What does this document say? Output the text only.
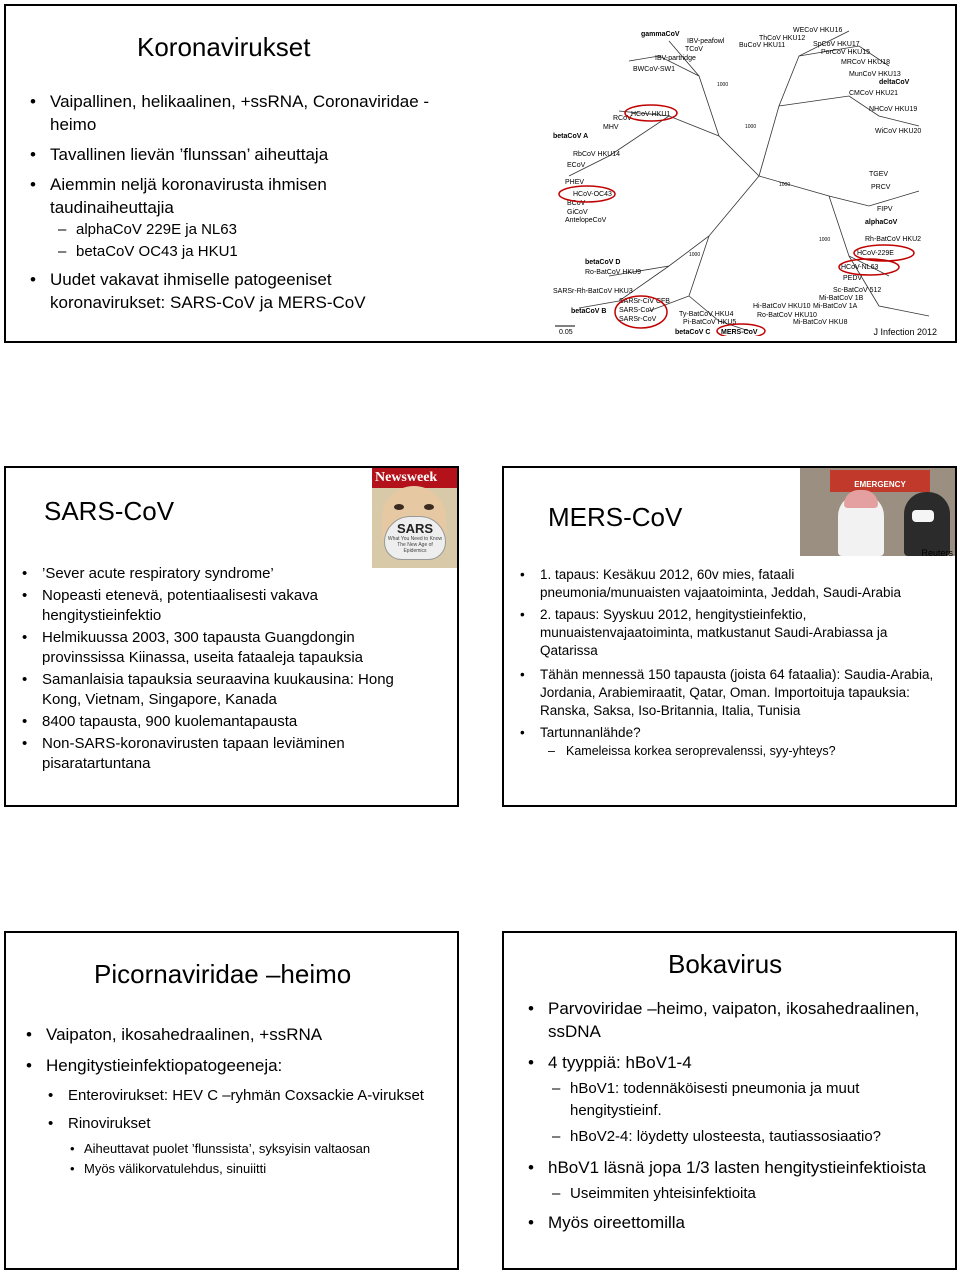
Koronavirukset
• Vaipallinen, helikaalinen, +ssRNA, Coronaviridae -heimo
• Tavallinen lievän ’flunssan’ aiheuttaja
• Aiemmin neljä koronavirusta ihmisen taudinaiheuttajia
– alphaCoV 229E ja NL63
– betaCoV OC43 ja HKU1
• Uudet vakavat ihmiselle patogeeniset koronavirukset: SARS-CoV ja MERS-CoV
gammaCoV
IBV-peafowl
TCoV
IBV-partridge
BWCoV-SW1
WECoV HKU16
ThCoV HKU12
BuCoV HKU11	SpCoV HKU17
PorCoV HKU15
MRCoV HKU18
MunCoV HKU13
deltaCoV
CMCoV HKU21
NHCoV HKU19
WiCoV HKU20
HCoV-HKU1
RCoV
MHV
betaCoV A
RbCoV HKU14
ECoV
PHEV
HCoV-OC43
BCoV
GiCoV
AntelopeCoV
TGEV
PRCV
FIPV
alphaCoV
Rh-BatCoV HKU2
HCoV-229E
HCoV-NL63
PEDV
Sc-BatCoV 512
Mi-BatCoV 1B
Mi-BatCoV 1A
Hi-BatCoV HKU10
Ro-BatCoV HKU10
Mi-BatCoV HKU8
betaCoV D
Ro-BatCoV HKU9
SARSr-Rh-BatCoV HKU3
SARSr-CiV CFB
SARS-CoV
SARSr-CoV
betaCoV B	Ty-BatCoV HKU4
Pi-BatCoV HKU5
betaCoV C MERS-CoV
1000
1000
1000
1000
1000
0.05	J Infection 2012
SARS-CoV
Newsweek
SARS
What You Need to Know
The New Age of Epidemics
• ’Sever acute respiratory syndrome’
• Nopeasti etenevä, potentiaalisesti vakava hengitystieinfektio
• Helmikuussa 2003, 300 tapausta Guangdongin provinssissa Kiinassa, useita fataaleja tapauksia
• Samanlaisia tapauksia seuraavina kuukausina: Hong Kong, Vietnam, Singapore, Kanada
• 8400 tapausta, 900 kuolemantapausta
• Non-SARS-koronavirusten tapaan leviäminen pisaratartuntana
MERS-CoV
EMERGENCY
Reuters
• 1. tapaus: Kesäkuu 2012, 60v mies, fataali pneumonia/munuaisten vajaatoiminta, Jeddah, Saudi-Arabia
• 2. tapaus: Syyskuu 2012, hengitystieinfektio, munuaistenvajaatoiminta, matkustanut Saudi-Arabiassa ja Qatarissa
• Tähän mennessä 150 tapausta (joista 64 fataalia): Saudia-Arabia, Jordania, Arabiemiraatit, Qatar, Oman. Importoituja tapauksia: Ranska, Saksa, Iso-Britannia, Italia, Tunisia
• Tartunnanlähde?
– Kameleissa korkea seroprevalenssi, syy-yhteys?
Picornaviridae –heimo
• Vaipaton, ikosahedraalinen, +ssRNA
• Hengitystieinfektiopatogeeneja:
• Enterovirukset: HEV C –ryhmän Coxsackie A-virukset
• Rinovirukset
• Aiheuttavat puolet ’flunssista’, syksyisin valtaosan
• Myös välikorvatulehdus, sinuiitti
Bokavirus
• Parvoviridae –heimo, vaipaton, ikosahedraalinen, ssDNA
• 4 tyyppiä: hBoV1-4
– hBoV1: todennäköisesti pneumonia ja muut hengitystieinf.
– hBoV2-4: löydetty ulosteesta, tautiassosiaatio?
• hBoV1 läsnä jopa 1/3 lasten hengitystieinfektioista
– Useimmiten yhteisinfektioita
• Myös oireettomilla
